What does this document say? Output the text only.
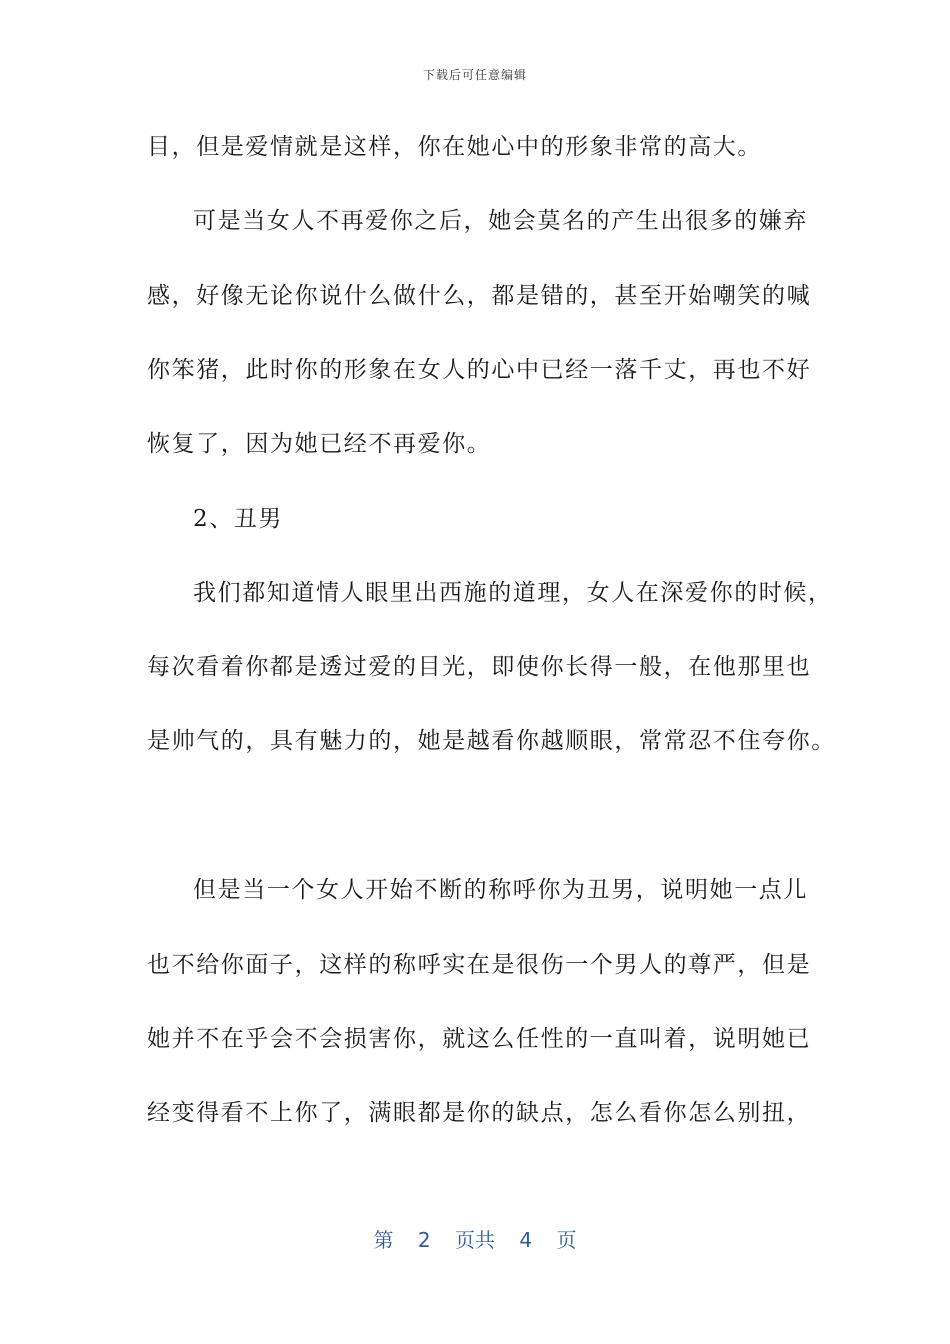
下载后可任意编辑
目，但是爱情就是这样，你在她心中的形象非常的高大。
可是当女人不再爱你之后，她会莫名的产生出很多的嫌弃
感，好像无论你说什么做什么，都是错的，甚至开始嘲笑的喊
你笨猪，此时你的形象在女人的心中已经一落千丈，再也不好
恢复了，因为她已经不再爱你。
2、丑男
我们都知道情人眼里出西施的道理，女人在深爱你的时候，
每次看着你都是透过爱的目光，即使你长得一般，在他那里也
是帅气的，具有魅力的，她是越看你越顺眼，常常忍不住夸你。
但是当一个女人开始不断的称呼你为丑男，说明她一点儿
也不给你面子，这样的称呼实在是很伤一个男人的尊严，但是
她并不在乎会不会损害你，就这么任性的一直叫着，说明她已
经变得看不上你了，满眼都是你的缺点，怎么看你怎么别扭，
第 2 页共 4 页
